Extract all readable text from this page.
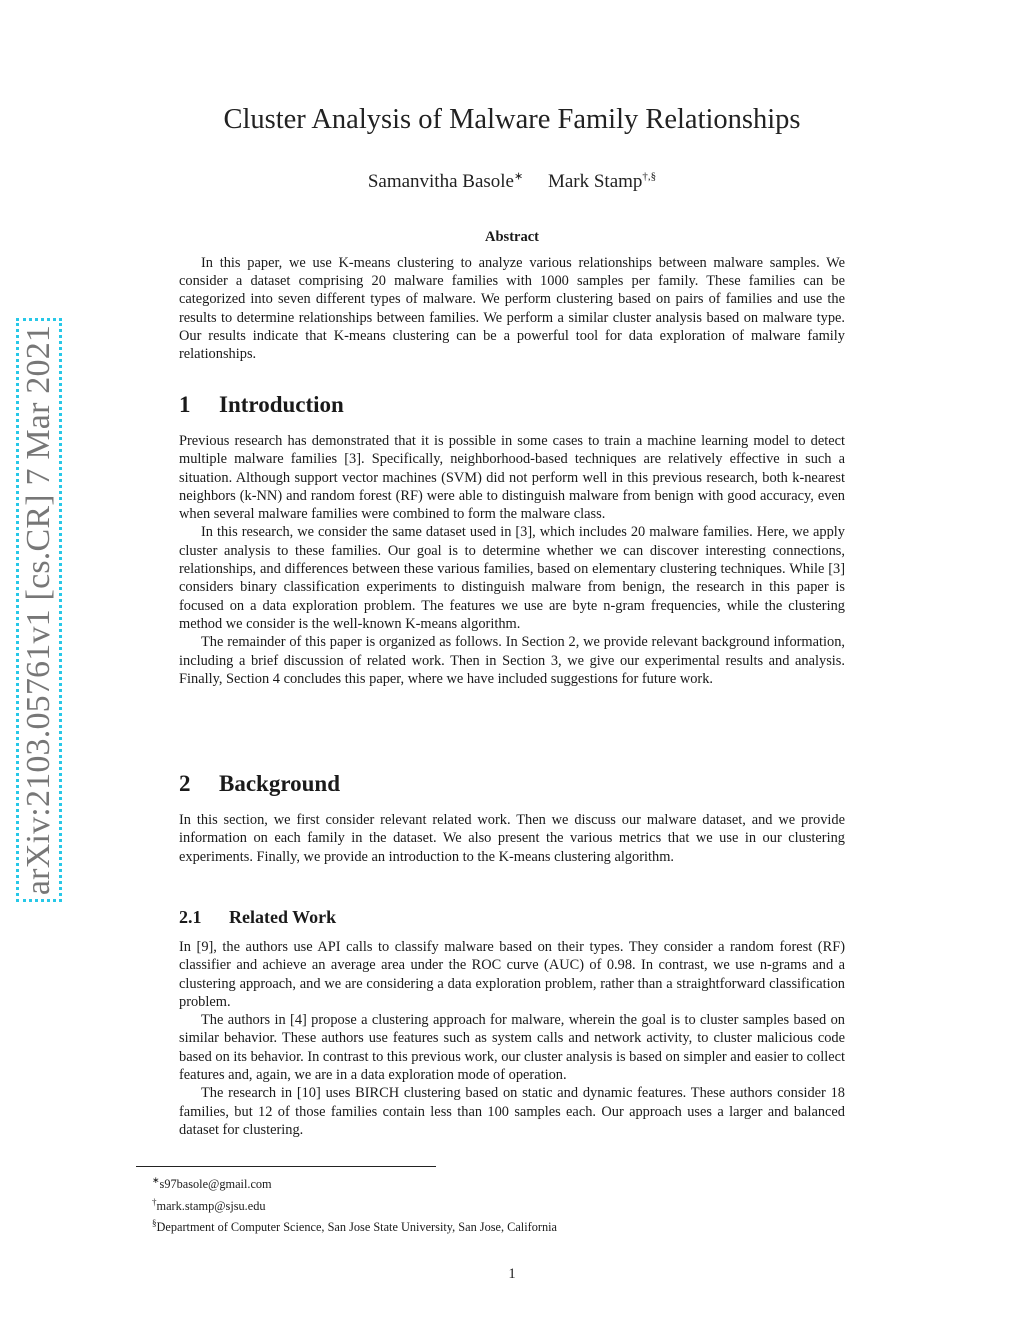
arXiv:2103.05761v1 [cs.CR] 7 Mar 2021
Cluster Analysis of Malware Family Relationships
Samanvitha Basole∗ Mark Stamp†,§
Abstract

In this paper, we use K-means clustering to analyze various relationships between malware samples. We consider a dataset comprising 20 malware families with 1000 samples per family. These families can be categorized into seven different types of malware. We perform clustering based on pairs of families and use the results to determine relationships between families. We perform a similar cluster analysis based on malware type. Our results indicate that K-means clustering can be a powerful tool for data exploration of malware family relationships.

1 Introduction

Previous research has demonstrated that it is possible in some cases to train a machine learning model to detect multiple malware families [3]. Specifically, neighborhood-based techniques are relatively effective in such a situation. Although support vector machines (SVM) did not perform well in this previous research, both k-nearest neighbors (k-NN) and random forest (RF) were able to distinguish malware from benign with good accuracy, even when several malware families were combined to form the malware class.

In this research, we consider the same dataset used in [3], which includes 20 malware families. Here, we apply cluster analysis to these families. Our goal is to determine whether we can discover interesting connections, relationships, and differences between these various families, based on elementary clustering techniques. While [3] considers binary classification experiments to distinguish malware from benign, the research in this paper is focused on a data exploration problem. The features we use are byte n-gram frequencies, while the clustering method we consider is the well-known K-means algorithm.

The remainder of this paper is organized as follows. In Section 2, we provide relevant background information, including a brief discussion of related work. Then in Section 3, we give our experimental results and analysis. Finally, Section 4 concludes this paper, where we have included suggestions for future work.

2 Background

In this section, we first consider relevant related work. Then we discuss our malware dataset, and we provide information on each family in the dataset. We also present the various metrics that we use in our clustering experiments. Finally, we provide an introduction to the K-means clustering algorithm.

2.1 Related Work

In [9], the authors use API calls to classify malware based on their types. They consider a random forest (RF) classifier and achieve an average area under the ROC curve (AUC) of 0.98. In contrast, we use n-grams and a clustering approach, and we are considering a data exploration problem, rather than a straightforward classification problem.

The authors in [4] propose a clustering approach for malware, wherein the goal is to cluster samples based on similar behavior. These authors use features such as system calls and network activity, to cluster malicious code based on its behavior. In contrast to this previous work, our cluster analysis is based on simpler and easier to collect features and, again, we are in a data exploration mode of operation.

The research in [10] uses BIRCH clustering based on static and dynamic features. These authors consider 18 families, but 12 of those families contain less than 100 samples each. Our approach uses a larger and balanced dataset for clustering.

∗s97basole@gmail.com
†mark.stamp@sjsu.edu
§Department of Computer Science, San Jose State University, San Jose, California
1
